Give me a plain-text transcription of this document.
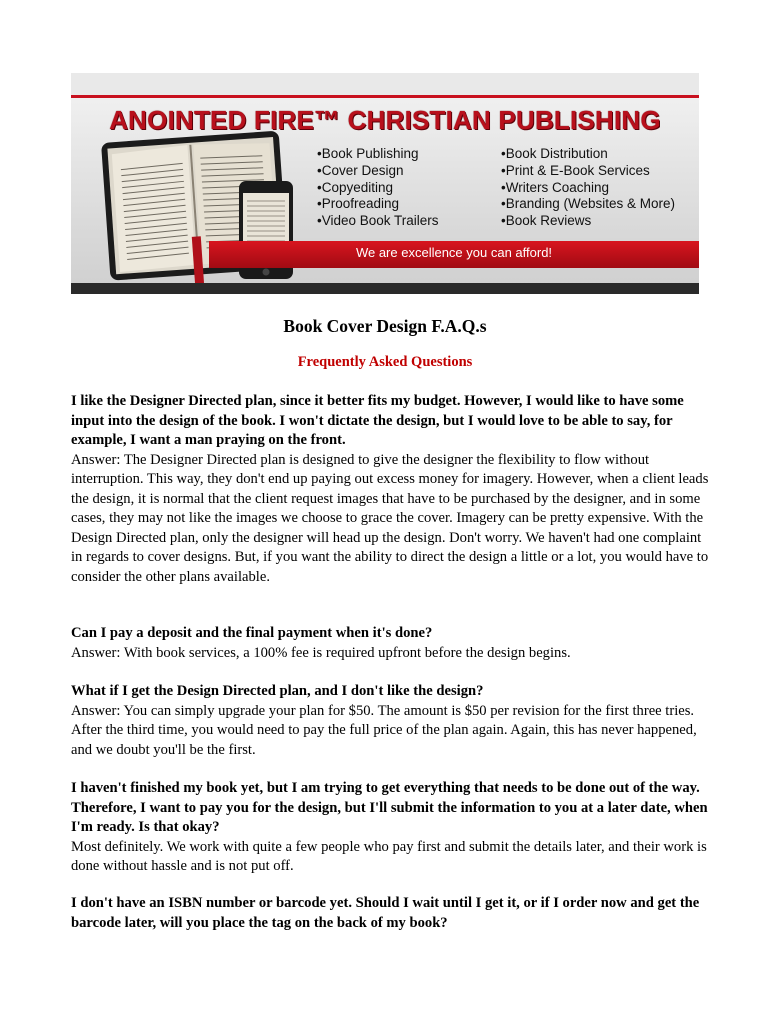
ANOINTED FIRE™ CHRISTIAN PUBLISHING
•Book Publishing
•Cover Design
•Copyediting
•Proofreading
•Video Book Trailers
•Book Distribution
•Print & E-Book Services
•Writers Coaching
•Branding (Websites & More)
•Book Reviews
We are excellence you can afford!
Book Cover Design F.A.Q.s
Frequently Asked Questions

I like the Designer Directed plan, since it better fits my budget. However, I would like to have some input into the design of the book. I won't dictate the design, but I would love to be able to say, for example, I want a man praying on the front.

Answer: The Designer Directed plan is designed to give the designer the flexibility to flow without interruption. This way, they don't end up paying out excess money for imagery. However, when a client leads the design, it is normal that the client request images that have to be purchased by the designer, and in some cases, they may not like the images we choose to grace the cover. Imagery can be pretty expensive. With the Design Directed plan, only the designer will head up the design. Don't worry. We haven't had one complaint in regards to cover designs. But, if you want the ability to direct the design a little or a lot, you would have to consider the other plans available.

Can I pay a deposit and the final payment when it's done?

Answer: With book services, a 100% fee is required upfront before the design begins.

What if I get the Design Directed plan, and I don't like the design?

Answer: You can simply upgrade your plan for $50. The amount is $50 per revision for the first three tries. After the third time, you would need to pay the full price of the plan again. Again, this has never happened, and we doubt you'll be the first.

I haven't finished my book yet, but I am trying to get everything that needs to be done out of the way. Therefore, I want to pay you for the design, but I'll submit the information to you at a later date, when I'm ready. Is that okay?

Most definitely. We work with quite a few people who pay first and submit the details later, and their work is done without hassle and is not put off.

I don't have an ISBN number or barcode yet. Should I wait until I get it, or if I order now and get the barcode later, will you place the tag on the back of my book?
